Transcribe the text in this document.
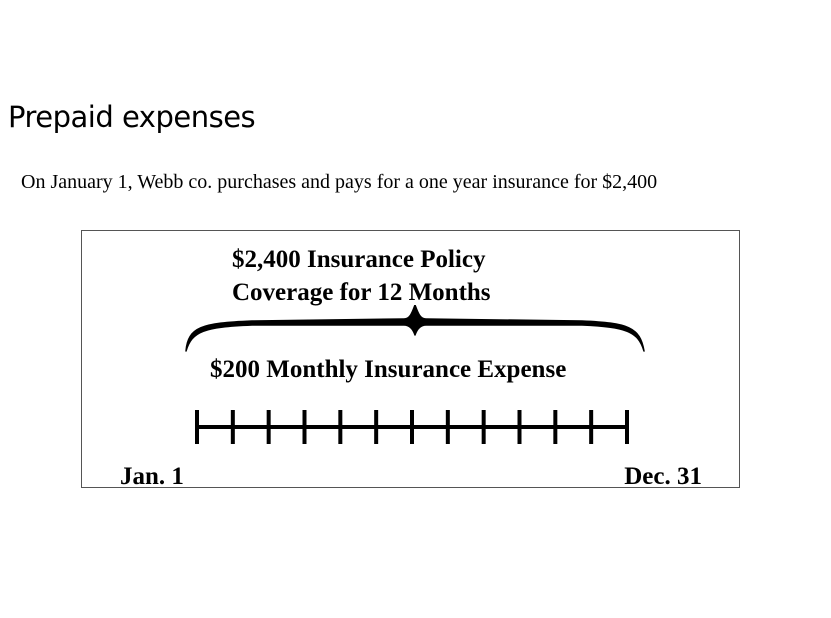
Prepaid expenses
On January 1, Webb co. purchases and pays for a one year insurance for $2,400
$2,400 Insurance Policy
Coverage for 12 Months
$200 Monthly Insurance Expense
Jan. 1	Dec. 31
